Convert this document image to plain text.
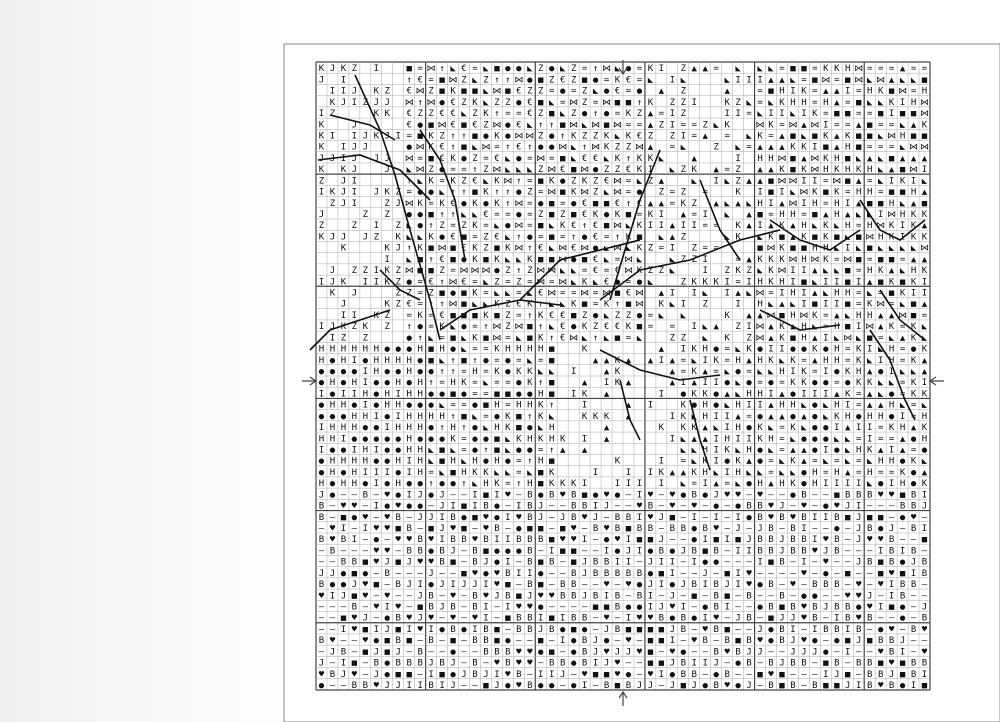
K J K Z I	■ = ⋈ ↑ ◣ € = ◣ ■ ● ● ◣ Z ● ◣ Z = ↑ ⋈ ◣ ● = K I Z ▲ ▲ = ◣ ◣ ◣ = ■ ■ = K K H ⋈ = = = ▲ = =
J I	↑ € = ■ ⋈ Z ◣ Z ↑ ↑ ⋈ ● ■ Z € Z ■ ● = K € = ◣ I ◣	◣ I I I ▲ ▲ ◣ = ■ ⋈ = ■ ⋈ ◣ ⋈ ▲ ◣ ◣ ■
I I J K Z € ⋈ Z ■ K ■ ■ ◣ ⋈ ■ € Z Z = ● = Z ◣ ● € = ● ▲ Z	▲	= ■ H I K = ▲ ▲ I = H K ■ ⋈ = H
K J I Z J J ⋈ ↑ ⋈ ● € Z K ◣ Z Z ● € ■ ◣ = ⋈ Z = ⋈ ■ ■ ↑ K Z Z I	K Z ◣ = ◣ K H H = H ▲ = ■ ◣ ◣ K I H ⋈
I Z	K K € Z Z € € ◣ Z K ↑ = = € Z ■ ◣ Z ● ↑ ● = K Z ▲ = I Z	I I = ◣ I I ◣ I K = ■ ■ = = ■ I ■ ■ ⋈
K	J	€ ● ■ ⋈ € ■ € Z ⋈ ● € ◣ ↑ ↑ ■ ⋈ ◣ ⋈ ■ ⋈ = = ▲ Z I = = Z ◣ K	⋈ K = ⋈ ▲ ⋈ I = = ▲ ■ = = ◣ ▲ K
K I I J K J I = ■ K Z ↑ ↑ ■ ● K ● ⋈ ⋈ Z ● ↑ K Z Z K ◣ K € Z Z I = ▲ = ◣ K = ▲ ■ ◣ ■ K ▲ K ■ ■ ◣ ⋈ H ■ ■
K I J J	● ⋈ K € ↑ ■ ◣ ⋈ = ↑ € ↑ ● ● ⋈ ◣ ↑ ⋈ K Z Z ⋈ ▲ = ◣	Z ◣ = ▲ ▲ ▲ K K I ■ ▲ H ■ = = = ◣ ⋈ ⋈
J J I J J J ⋈ = ■ € K ● Z = € ◣ ● = ⋈ = ■ ◣ € € ◣ K ↑ K K ◣	▲	I H H ⋈ ■ ▲ ⋈ K H ■ ◣ ▲ ◣ ■ ▲ ▲ ▲
K K J	J ◣ ⋈ Z ● = = ↑ Z ⋈ ◣ ◣ ◣ Z ⋈ € ■ ⋈ ● Z Z € K I ◣ Z K ▲ = Z ▲ ▲ K ■ K ⋈ H K H K H ◣ ▲ ■ ⋈ I
Z J I	↑ ◣ K = K Z € ◣ K ⋈ ↑ = ■ K ● Z K Z € ⋈ = ◣ Z ▲	◣ I ◣ Z ▲ ▲ ■ ⋈ ⋈ I I = ⋈ ■ ▲ = ◣ I K I ◣
I K J I J K Z = ● ● ◣ ↑ ↑ ■ K ↑ ↑ ● Z = ⋈ ■ K ⋈ Z ◣ ⋈ = ● Z = Z =	K I ■ I ◣ ⋈ K ■ K = H H = ■ ■ H ▲
Z J I	Z J ⋈ K = K € ● K ● K ↑ ⋈ = ● ■ = ● € ■ ■ € ↑ € ▲ ▲ = K Z ▲ ◣ ▲ ◣ H I ▲ ⋈ I H = H I ▲ ■ ■ H ◣ ▲ ■
J	Z Z ● ● ■ ↑ ↑ ◣ ◣ € = = ● = Z ■ Z ■ € K ● K ■ = K I ▲ = I ◣ ▲ ■ = H H = ■ ▲ H ▲ ◣ ◣ I ⋈ H K K
Z	Z I Z ◣ ● ↑ Z = Z K = ◣ ● ⋈ = ■ ◣ K € ↑ € ■ ⋈ ◣ K I I ▲ I I = = K ▲ I ▲ K ▲ H ◣ K ◣ H = H ⋈ K I K ▲
K J J J Z K ◣ ◣ K ● € ■ = Z € ◣ ↑ ● = ■ = ↑ ● € = ↑ K ■ ◣ ▲ Z	◣ K ◣ K ■ ▲ K ■ K ■ ◣ ■ ⋈ H K I K K
K	K J ↑ K ■ ⋈ ■ € K Z ■ K ⋈ ↑ € ◣ ⋈ € ⋈ ● ◣ ⋈ ◣ K Z = I Z = =	■ ⋈ K ■ ■ H H ◣ I ◣ ■ ◣ ◣ ◣ ◣ ⋈
I ◣ ■ ↑ € ■ ● K ■ K ◣ ◣ K ■ ■ ⋈ ● ■ € ◣ = ⋈ ◣	◣ Z Z I	= ▲ K K K ⋈ H ⋈ K = ⋈ ■ = ■ ■ = ▲ ▲
J Z Z I K Z ⋈ ■ ■ Z = ⋈ ⋈ ⋈ ● Z ↑ Z ⋈ ⋈ ◣ ◣ = € = € ⋈ K Z Z ◣	I Z K Z ◣ K ⋈ I I ▲ ◣ ◣ ■ = H K ▲ ◣ H K
I J K I I K Z ● = € ↑ ⋈ € = ◣ Z = Z = ⋈ = ⋈ ◣ K ◣ € ● = ● ◣	Z K K K I = I H K H I ■ ◣ I I ■ I ▲ ■ K ■ K I
K J	Z Z = Z ■ ● ■ K = ◣ ◣ = ◣ € ⋈ = = ⋈ = ⋈ ■ € ⋈ ▲ I I ◣ I ▲ ◣ ⋈ = I H I ▲ ◣ H H = ◣ = ■ K I I
J	K Z € = ↑ ↑ ⋈ ■ ◣ ◣ K Z € K ↑ ◣ ◣ K ■ = K ↑ ■ ⋈ K ◣ I Z	I H ◣ ▲ ◣ I ■ I I ■ = K ⋈ = ◣ ■ ▲
I I K Z = K = € ■ ■ ■ K ■ Z = ↑ K € € ■ Z ● ◣ Z Z ● = ◣ ◣	K ▲ ▲ ⋈ ■ H ⋈ K = ▲ ◣ H H ▲ ▲ ⋈ ■ =
I J K Z K Z ↑ ● = K ◣ ● = ↑ ⋈ Z ⋈ ■ ↑ ◣ € ● K Z € € K ■ = = I ◣ ▲ Z I ⋈ ▲ K ▲ H ◣ = H ■ I ⋈ ▲ K = K ◣
I Z Z	● ↑ ◣ = ■ ◣ K ■ ⋈ = ◣ ■ K ↑ € ⋈ ◣ ↑ ◣ ■ = ◣	Z Z ◣ K Z ⋈ ▲ K ■ H ▲ I ◣ ⋈ ◣ ■ = ◣ ▲ K ◣
H H H H H H ● ● ● H ■ H ● ◣ = = K H H H H ■	K	▲ I K H ● = ◣ K ● I I ● ● K ● H = K I ◣ H = ● K
H ● H I ● H H H H ● ■ ◣ ↑ ■ ↑ ● = ● = ◣ = ■	▲ ▲ K ▲ ▲ I ▲ = ◣ I K = H ▲ H K ◣ K = ▲ H H = K ◣ I H = K ▲
● ● ● ● I H ● ● H ● ● ↑ ↑ = H = K ● K K ◣ ◣ I	▲ K	▲ = K ▲ = ◣ ● = ◣ ◣ H I K = I ● K H ▲ ● I ◣ ◣ ▲
● H ● H I ● ● H ● H ↑ = H K = ◣ = = ● K ↑ ■	▲ I K ▲	▲ I ▲ I I ● ◣ ● = ● = K K ● ● = ● K K ◣ ◣ = K I
I ● I I H ● H I H H ● ● ■ ● = = ■ ■ ● ● H ■ I K ▲	I ● K K ● ▲ ◣ H H I ▲ ● I I I ▲ K = ▲ ◣ ● = K K
● H H ● I ● H H ● ● ● ◣ = = ● ■ H = H H K ↑	I	▲ I	K ● H ● ◣ H I I ▲ H H ◣ ● ◣ H I = ▲ ▲ H ◣ = ◣
● ● ● H H I ● I H H H H ↑ ■ ◣ = ● K ■ ↑ K ◣	K K K ▲	I K ◣ H I I ▲ = ● ▲ ▲ ● ▲ ● ◣ K H ● H H ● I = H
I H H H ● ● I H H H ● ↑ H ↑ ● ◣ H K ■ ● ◣ H	▲	K K K ▲ ◣ I H ● K ◣ = K ◣ ● ● I ▲ I I = K H ▲ K
H H I ● ● ● ● ● H ● ● ● K = ● ● ■ ◣ K H K H K I ▲	I ◣ ▲ ▲ I H I I K H = ◣ ● ● ● ◣ ◣ = I = = ▲ ● H
I ● ● I H I ● ● H H ◣ ■ ◣ = ● ↑ ■ ◣ ● ● = ↑ ▲ ▲	◣ ◣ H I K ◣ H ● ◣ = ▲ ▲ ● I ● ◣ H K ▲ I ▲ = ●
● H H H H ● ● H I H ◣ ■ H ◣ H ● H ● = ↑ H ■	K	I = ◣ K I ● K ▲ ● = ◣ K ▲ = ◣ = ◣ = ◣ H H ● K ◣
● H ● H I I I ● I H = ◣ ■ H K K ◣ ◣ = ◣ ■ K	I	I I K ▲ ▲ K H ◣ I H ◣ ◣ = ◣ ◣ ● H = H ▲ = H = = K ● ▲
H ● H H ● I ● H ● ● ↑ ● ● ↑ ◣ H K = ↑ H ■ K K K I	I I I I ◣ = I ▲ = ◣ ● H ▲ H K ● H I I I I ◣ ● I H ● K
J ● — — B — ♥ ● I J ● J — — I ■ I ♥ — B ● B ♥ B ■ ● ♥ ● — I ♥ — ♥ ● B ● J ♥ ♥ — ♥ — — ● B — — ■ B B B ♥ ♥ ■ B I
B — ♥ ♥ — I ● ♥ ● ● — J I ■ I B ● — I B J — — B B I J — — ♥ B — ♥ — ♥ — ● — ● B B ♥ J — ♥ — ● ♥ J I — — — B B J
B — ■ ● ♥ — ♥ B — J J I B ● ■ ♥ ● I ♥ B J — J B ♥ J — B B I ♥ J ■ — I — I — I ● B ♥ B ♥ B I I B ■ J ■ ■ — ● ♥ —
— ♥ I — I ♥ ♥ ■ B — ■ J ♥ ■ — ♥ B — ● ■ ■ — ■ ♥ — B ♥ B ■ B B — B B ● B ♥ — J — J B — B I — — ● — J B ● J — B I
B ♥ B I — ● — ♥ ♥ B ♥ I B B ♥ B I I B B B ■ ♥ ♥ I — ● ♥ I ■ ■ J — — ● I ■ I ■ J B B J B B I ♥ B — J ♥ ♥ B — — ■
— B — — — ♥ ♥ — B B ● B J — B ■ ● ● ● B — I ■ ■ — — I ● J I ● B ● J B ■ B — I I B B J B B ♥ J B — — — I B I B —
— — B B ■ ♥ J ■ J ♥ ♥ B ■ — B J ● I — B ■ B — ■ J B B I I — J I I — I ● ● — — — I ■ B — I — ♥ — — J B ■ B ● J B
J J ● ■ ● — B — — — J — — ■ ♥ ● ♥ B I I ● — — B J B B B B B ● ■ I — — J — ■ I ♥ — — — — ♥ — ● — ■ — — ■ ♥ ■ I B
B ● ● J ♥ ■ — B J I ● J I J J I ♥ ■ — B ■ — B B — — ♥ — ♥ ● J I ● J B I B J I ♥ ● B — ♥ — B B B — ♥ — ♥ I B B —
♥ I J ■ ♥ — ♥ — — J B — ♥ — B ♥ J B ■ J ♥ ♥ B B J B I B — B I — J — ■ — B ■ — B — — B — ● ● — — ♥ ♥ J — I B — —
— — — B — ♥ I ♥ — ■ B J B — B I — I ♥ ♥ ● — — — — ■ ■ B ● ● I J ♥ I — ● B I — — ● B ■ B ♥ B J B B ● ♥ I ■ ● — J
— — ■ ♥ J — ● B ♥ J ♥ — ♥ — ♥ I — ■ B B I ■ I B B — ♥ — I ♥ ♥ B ● B ● I ♥ — J B — ■ J J ♥ B — I B ♥ B — — ● — B
— — I ♥ ■ I J ■ I ♥ I ● B ● I B ■ — B B J B ● ■ ● — J B ■ ■ ■ ■ J B — ♥ B ■ — — J ● B I — I B B I B — ● ♥ — B ♥
B ♥ — — ♥ ● ■ B ■ — B — ■ — B B ■ ● — — ■ — I ● B J ● — ♥ — ■ ■ I — ♥ B — B ■ B ♥ ● B J ♥ ● — ● ■ J ■ B B J — —
— J B — ■ J ■ J — B — — ● — — B B B ♥ ♥ ● ■ — ● B J ♥ J J ♥ ■ — ♥ ● — — B ♥ B J J — — J J J ● — I — — ♥ B I — ♥
J — I ■ — B ● B B B J B J — B — ♥ B ♥ ♥ — B B ● B I J ♥ — — ■ ■ J B I I J — ● B — B J B B — ■ B — B B ■ ♥ ■ B B
♥ B J ♥ — J ● ■ ■ — I ■ ● J B J I ♥ B — I I J — ♥ ■ ■ ♥ ● — ♥ I ● B B — ● B — — ■ ♥ ■ — — — I J ■ — B B J ■ B I
● — — B B ♥ J J I I B I J — — ■ J ● ♥ B ● ● — ● I — B ■ B J J — J ■ J ● B ♥ ● J — B ■ B — B ■ ■ J I B ♥ B ● I ■
